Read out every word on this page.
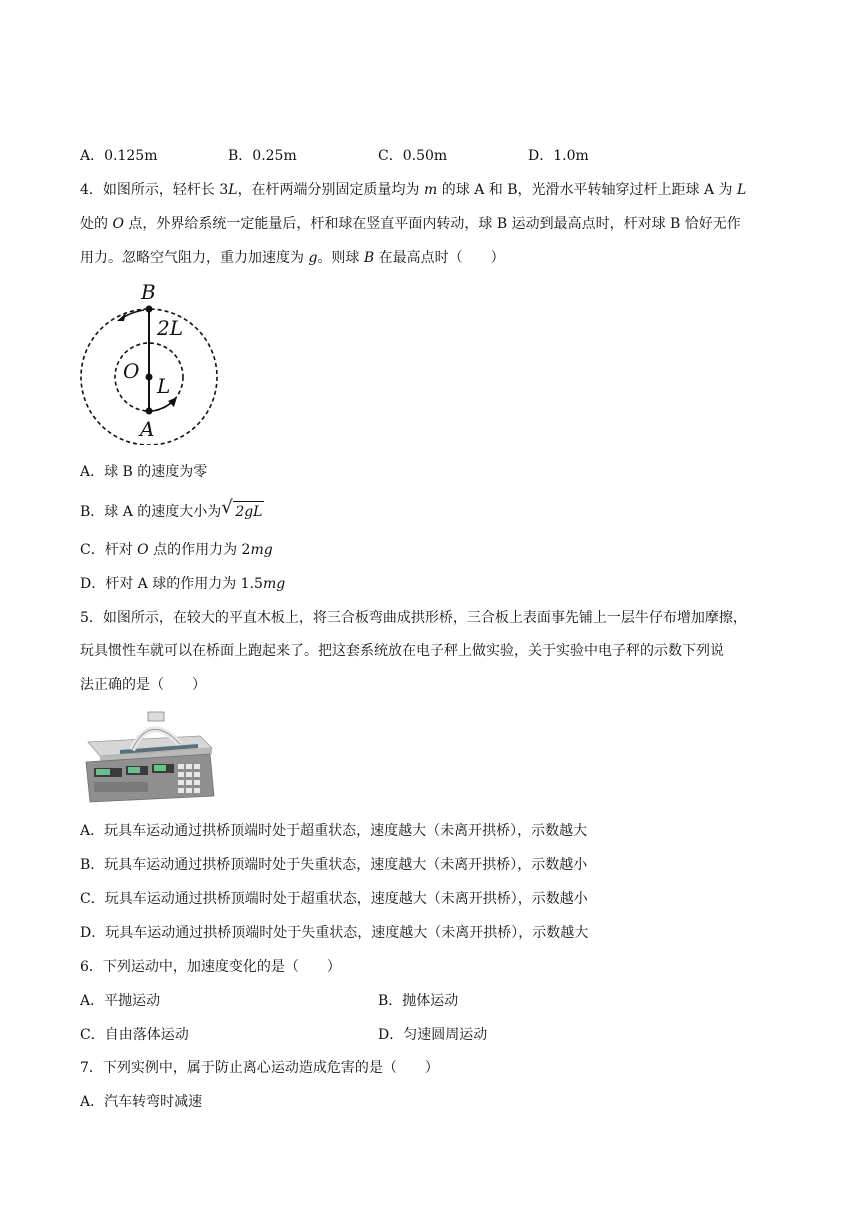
A．0.125m	B．0.25m	C．0.50m	D．1.0m
4．如图所示，轻杆长 3L，在杆两端分别固定质量均为 m 的球 A 和 B，光滑水平转轴穿过杆上距球 A 为 L
处的 O 点，外界给系统一定能量后，杆和球在竖直平面内转动，球 B 运动到最高点时，杆对球 B 恰好无作
用力。忽略空气阻力，重力加速度为 g。则球 B 在最高点时（　　）
B
2L
O
L
A
A．球 B 的速度为零
B．球 A 的速度大小为 √ 2gL
C．杆对 O 点的作用力为 2mg
D．杆对 A 球的作用力为 1.5mg
5．如图所示，在较大的平直木板上，将三合板弯曲成拱形桥，三合板上表面事先铺上一层牛仔布增加摩擦，
玩具惯性车就可以在桥面上跑起来了。把这套系统放在电子秤上做实验，关于实验中电子秤的示数下列说
法正确的是（　　）
A．玩具车运动通过拱桥顶端时处于超重状态，速度越大（未离开拱桥），示数越大
B．玩具车运动通过拱桥顶端时处于失重状态，速度越大（未离开拱桥），示数越小
C．玩具车运动通过拱桥顶端时处于超重状态，速度越大（未离开拱桥），示数越小
D．玩具车运动通过拱桥顶端时处于失重状态，速度越大（未离开拱桥），示数越大
6．下列运动中，加速度变化的是（　　）
A．平抛运动	B．抛体运动
C．自由落体运动	D．匀速圆周运动
7．下列实例中，属于防止离心运动造成危害的是（　　）
A．汽车转弯时减速
